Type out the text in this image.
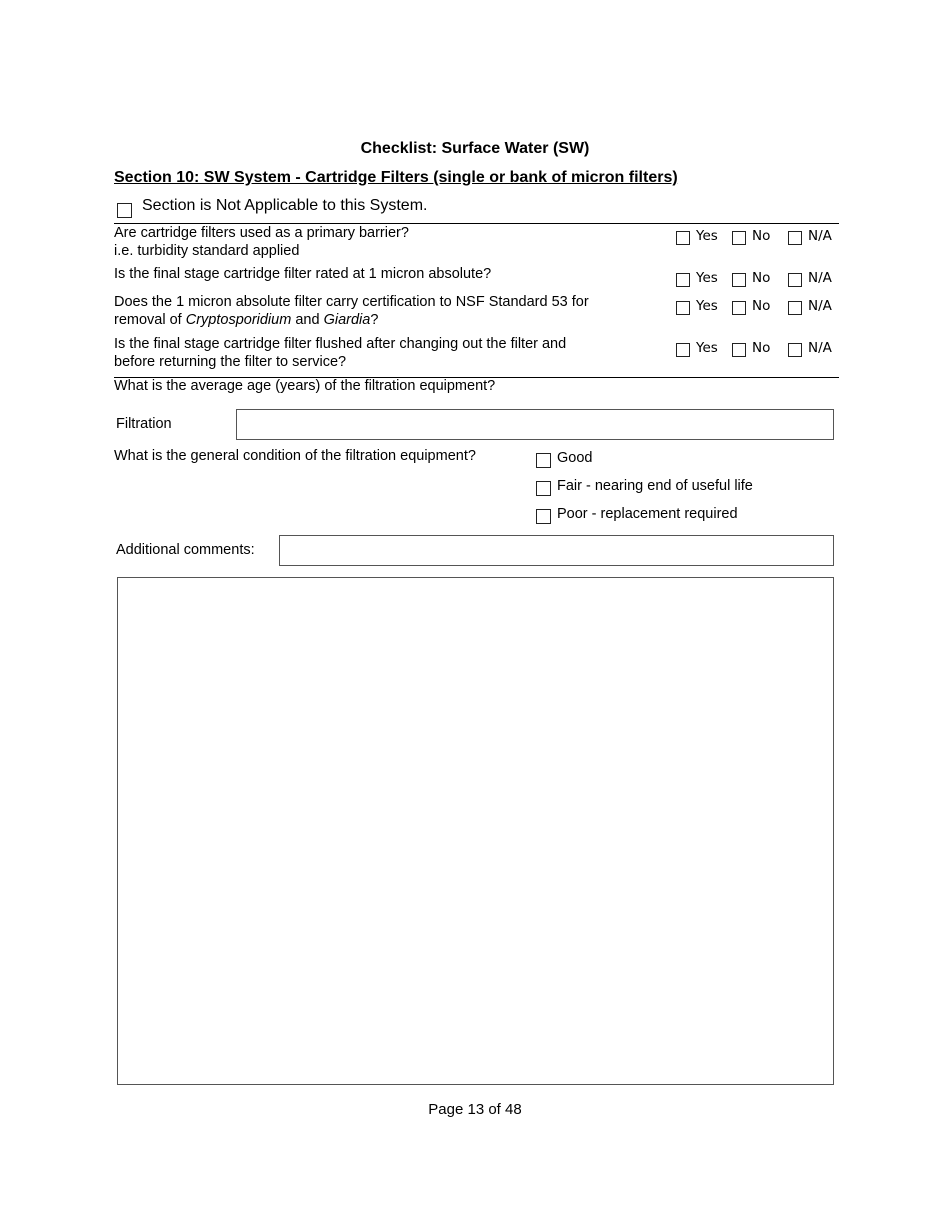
Checklist: Surface Water (SW)
Section 10: SW System - Cartridge Filters (single or bank of micron filters)
Section is Not Applicable to this System.
Are cartridge filters used as a primary barrier?
i.e. turbidity standard applied
Yes	No	N/A
Is the final stage cartridge filter rated at 1 micron absolute?	Yes	No	N/A
Does the 1 micron absolute filter carry certification to NSF Standard 53 for
removal of Cryptosporidium and Giardia?
Yes	No	N/A
Is the final stage cartridge filter flushed after changing out the filter and
before returning the filter to service?
Yes	No	N/A
What is the average age (years) of the filtration equipment?
Filtration
What is the general condition of the filtration equipment?	Good
Fair - nearing end of useful life
Poor - replacement required
Additional comments:
Page 13 of 48
